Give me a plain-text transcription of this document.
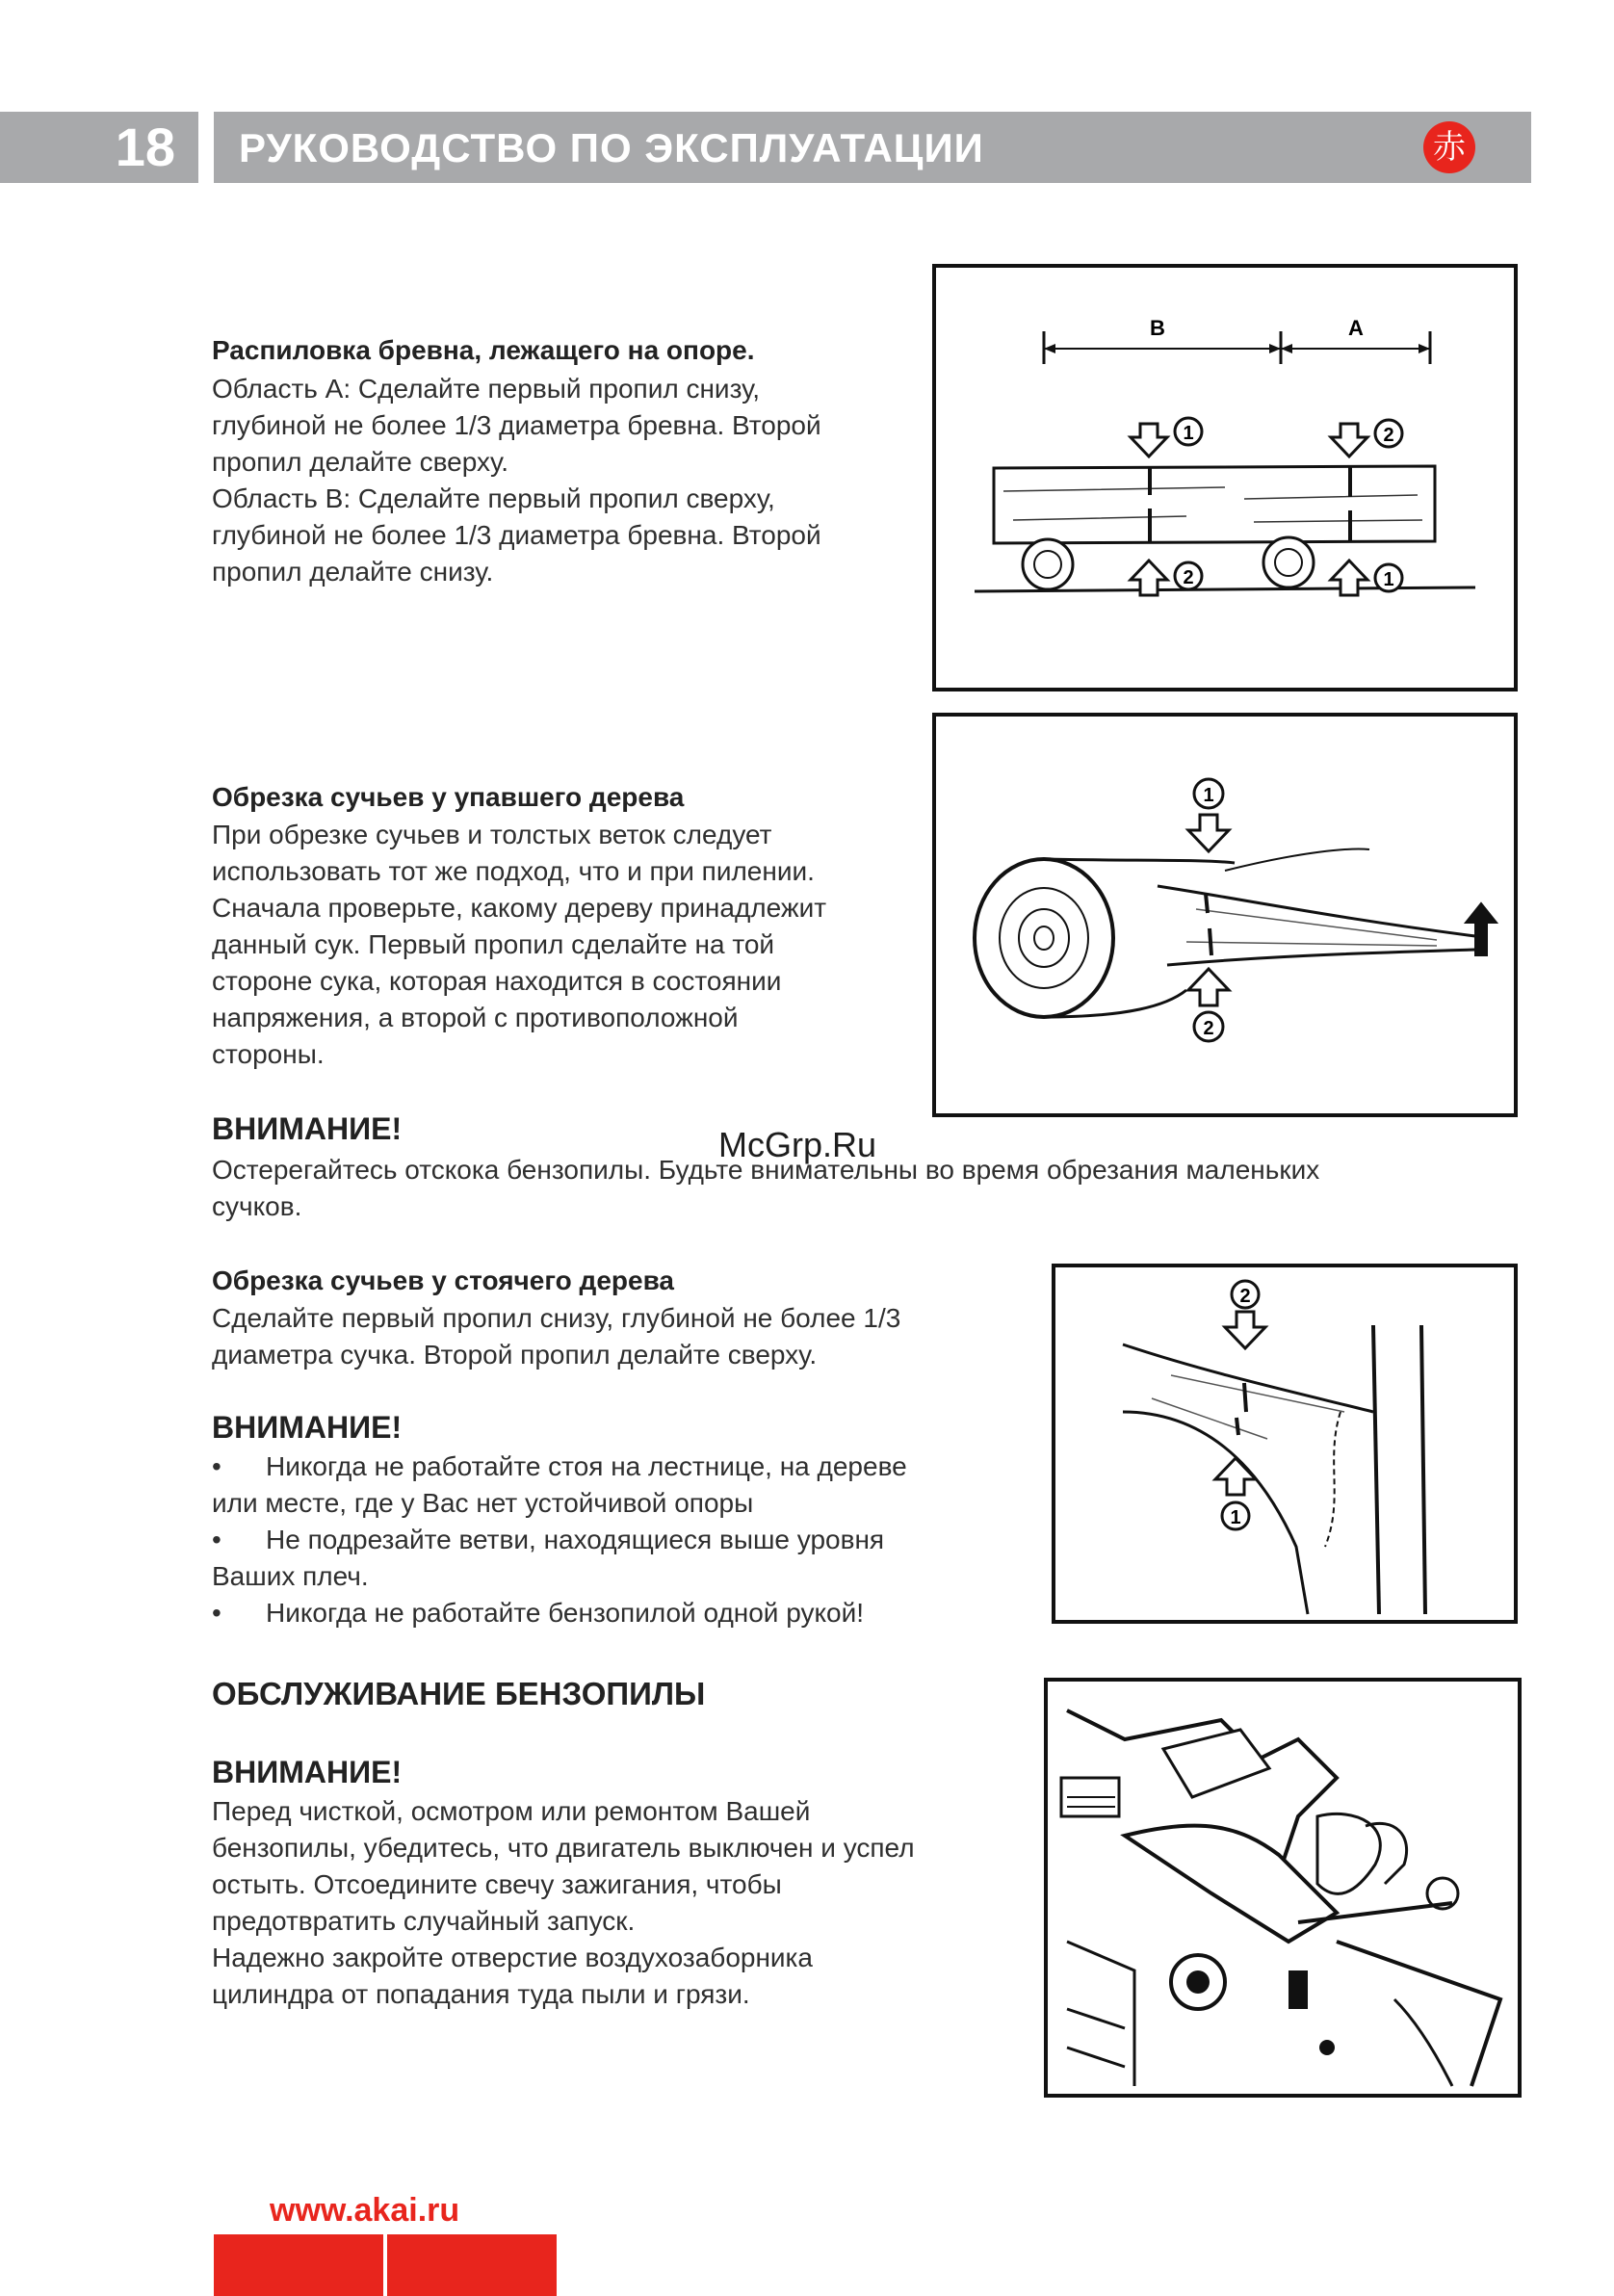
18	РУКОВОДСТВО ПО ЭКСПЛУАТАЦИИ	赤
Распиловка бревна, лежащего на опоре.

Область А: Сделайте первый пропил снизу,
глубиной не более 1/3 диаметра бревна. Второй
пропил делайте сверху.
Область В: Сделайте первый пропил сверху,
глубиной не более 1/3 диаметра бревна. Второй
пропил делайте снизу.

B	A
1	2
2	1
Обрезка сучьев у упавшего дерева

При обрезке сучьев и толстых веток следует
использовать тот же подход, что и при пилении.
Сначала проверьте, какому дереву принадлежит
данный сук. Первый пропил сделайте на той
стороне сука, которая находится в состоянии
напряжения, а второй с противоположной
стороны.

1
2
ВНИМАНИЕ!	McGrp.Ru

Остерегайтесь отскока бензопилы. Будьте внимательны во время обрезания маленьких
сучков.

Обрезка сучьев у стоячего дерева

Сделайте первый пропил снизу, глубиной не более 1/3
диаметра сучка. Второй пропил делайте сверху.

2
1
ВНИМАНИЕ!

• Никогда не работайте стоя на лестнице, на дереве
или месте, где у Вас нет устойчивой опоры

• Не подрезайте ветви, находящиеся выше уровня
Ваших плеч.

• Никогда не работайте бензопилой одной рукой!

ОБСЛУЖИВАНИЕ БЕНЗОПИЛЫ
ВНИМАНИЕ!

Перед чисткой, осмотром или ремонтом Вашей
бензопилы, убедитесь, что двигатель выключен и успел
остыть. Отсоедините свечу зажигания, чтобы
предотвратить случайный запуск.
Надежно закройте отверстие воздухозаборника
цилиндра от попадания туда пыли и грязи.

www.akai.ru
